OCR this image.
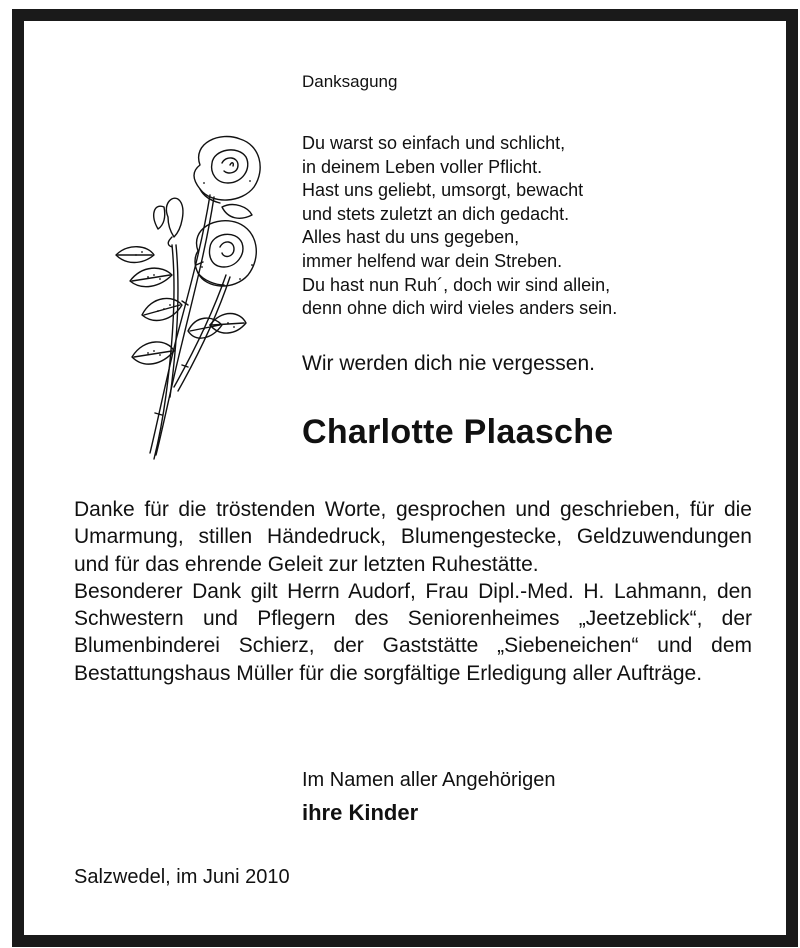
Danksagung
Du warst so einfach und schlicht,
in deinem Leben voller Pflicht.
Hast uns geliebt, umsorgt, bewacht
und stets zuletzt an dich gedacht.
Alles hast du uns gegeben,
immer helfend war dein Streben.
Du hast nun Ruh´, doch wir sind allein,
denn ohne dich wird vieles anders sein.
Wir werden dich nie vergessen.
Charlotte Plaasche

Danke für die tröstenden Worte, gesprochen und geschrieben, für die Umarmung, stillen Händedruck, Blumengestecke, Geldzuwendungen und für das ehrende Geleit zur letzten Ruhestätte.

Besonderer Dank gilt Herrn Audorf, Frau Dipl.-Med. H. Lahmann, den Schwestern und Pflegern des Seniorenheimes „Jeetzeblick“, der Blumenbinderei Schierz, der Gaststätte „Siebeneichen“ und dem Bestattungshaus Müller für die sorgfältige Erledigung aller Aufträge.

Im Namen aller Angehörigen
ihre Kinder
Salzwedel, im Juni 2010
